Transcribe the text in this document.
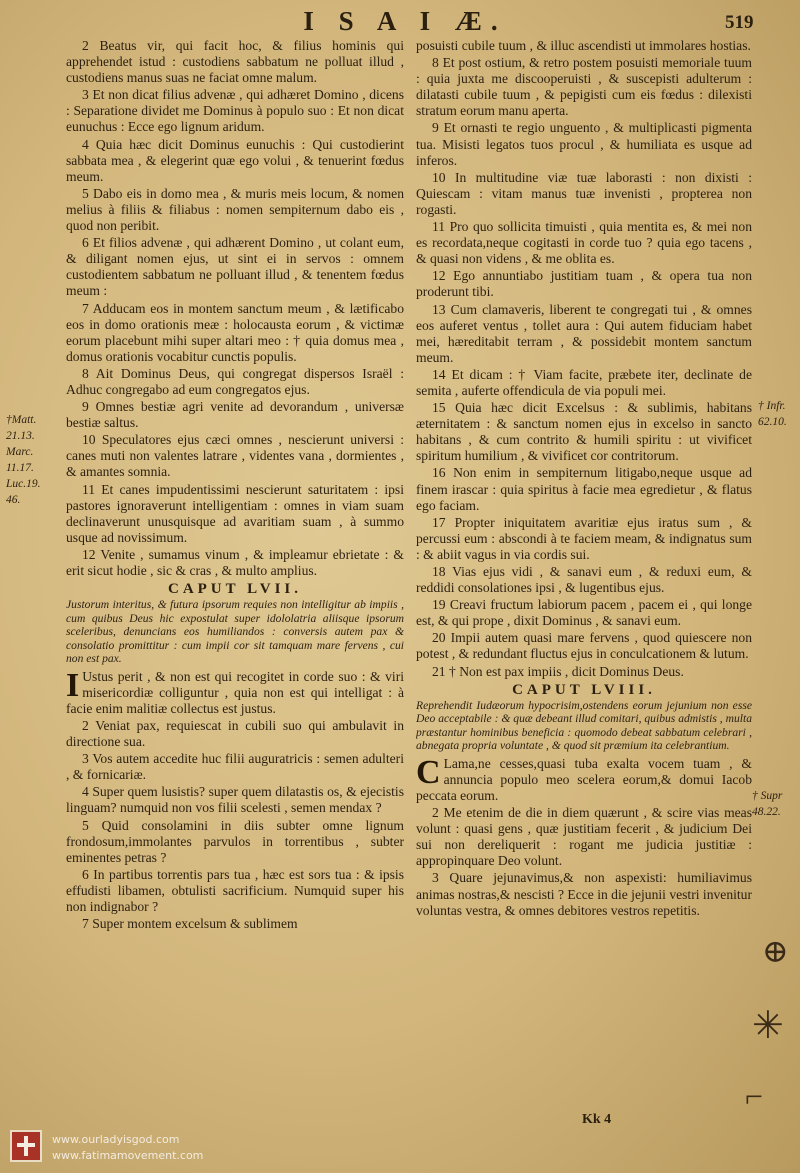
I S A I Æ.	519

2 Beatus vir, qui facit hoc, & filius hominis qui apprehendet istud : custodiens sabbatum ne polluat illud , custodiens manus suas ne faciat omne malum.

3 Et non dicat filius advenæ , qui adhæret Domino , dicens : Separatione dividet me Dominus à populo suo : Et non dicat eunuchus : Ecce ego lignum aridum.

4 Quia hæc dicit Dominus eunuchis : Qui custodierint sabbata mea , & elegerint quæ ego volui , & tenuerint fœdus meum.

5 Dabo eis in domo mea , & muris meis locum, & nomen melius à filiis & filiabus : nomen sempiternum dabo eis , quod non peribit.

6 Et filios advenæ , qui adhærent Domino , ut colant eum, & diligant nomen ejus, ut sint ei in servos : omnem custodientem sabbatum ne polluant illud , & tenentem fœdus meum :

7 Adducam eos in montem sanctum meum , & lætificabo eos in domo orationis meæ : holocausta eorum , & victimæ eorum placebunt mihi super altari meo : † quia domus mea , domus orationis vocabitur cunctis populis.

8 Ait Dominus Deus, qui congregat dispersos Israël : Adhuc congregabo ad eum congregatos ejus.

9 Omnes bestiæ agri venite ad devorandum , universæ bestiæ saltus.

10 Speculatores ejus cæci omnes , nescierunt universi : canes muti non valentes latrare , videntes vana , dormientes , & amantes somnia.

11 Et canes impudentissimi nescierunt saturitatem : ipsi pastores ignoraverunt intelligentiam : omnes in viam suam declinaverunt unusquisque ad avaritiam suam , à summo usque ad novissimum.

12 Venite , sumamus vinum , & impleamur ebrietate : & erit sicut hodie , sic & cras , & multo amplius.

CAPUT LVII.
Justorum interitus, & futura ipsorum requies non intelligitur ab impiis , cum quibus Deus hic expostulat super idololatria aliisque ipsorum sceleribus, denuncians eos humiliandos : conversis autem pax & consolatio promittitur : cum impii cor sit tamquam mare fervens , cui non est pax.

I Ustus perit , & non est qui recogitet in corde suo : & viri misericordiæ colliguntur , quia non est qui intelligat : à facie enim malitiæ collectus est justus.

2 Veniat pax, requiescat in cubili suo qui ambulavit in directione sua.

3 Vos autem accedite huc filii auguratricis : semen adulteri , & fornicariæ.

4 Super quem lusistis? super quem dilatastis os, & ejecistis linguam? numquid non vos filii scelesti , semen mendax ?

5 Quid consolamini in diis subter omne lignum frondosum,immolantes parvulos in torrentibus , subter eminentes petras ?

6 In partibus torrentis pars tua , hæc est sors tua : & ipsis effudisti libamen, obtulisti sacrificium. Numquid super his non indignabor ?

7 Super montem excelsum & sublimem

posuisti cubile tuum , & illuc ascendisti ut immolares hostias.

8 Et post ostium, & retro postem posuisti memoriale tuum : quia juxta me discooperuisti , & suscepisti adulterum : dilatasti cubile tuum , & pepigisti cum eis fœdus : dilexisti stratum eorum manu aperta.

9 Et ornasti te regio unguento , & multiplicasti pigmenta tua. Misisti legatos tuos procul , & humiliata es usque ad inferos.

10 In multitudine viæ tuæ laborasti : non dixisti : Quiescam : vitam manus tuæ invenisti , propterea non rogasti.

11 Pro quo sollicita timuisti , quia mentita es, & mei non es recordata,neque cogitasti in corde tuo ? quia ego tacens , & quasi non videns , & me oblita es.

12 Ego annuntiabo justitiam tuam , & opera tua non proderunt tibi.

13 Cum clamaveris, liberent te congregati tui , & omnes eos auferet ventus , tollet aura : Qui autem fiduciam habet mei, hæreditabit terram , & possidebit montem sanctum meum.

14 Et dicam : † Viam facite, præbete iter, declinate de semita , auferte offendicula de via populi mei.

15 Quia hæc dicit Excelsus : & sublimis, habitans æternitatem : & sanctum nomen ejus in excelso in sancto habitans , & cum contrito & humili spiritu : ut vivificet spiritum humilium , & vivificet cor contritorum.

16 Non enim in sempiternum litigabo,neque usque ad finem irascar : quia spiritus à facie mea egredietur , & flatus ego faciam.

17 Propter iniquitatem avaritiæ ejus iratus sum , & percussi eum : abscondi à te faciem meam, & indignatus sum : & abiit vagus in via cordis sui.

18 Vias ejus vidi , & sanavi eum , & reduxi eum, & reddidi consolationes ipsi , & lugentibus ejus.

19 Creavi fructum labiorum pacem , pacem ei , qui longe est, & qui prope , dixit Dominus , & sanavi eum.

20 Impii autem quasi mare fervens , quod quiescere non potest , & redundant fluctus ejus in conculcationem & lutum.

21 † Non est pax impiis , dicit Dominus Deus.

CAPUT LVIII.
Reprehendit Iudæorum hypocrisim,ostendens eorum jejunium non esse Deo acceptabile : & quæ debeant illud comitari, quibus admistis , multa præstantur hominibus beneficia : quomodo debeat sabbatum celebrari , abnegata propria voluntate , & quod sit præmium ita celebrantium.

C Lama,ne cesses,quasi tuba exalta vocem tuam , & annuncia populo meo scelera eorum,& domui Iacob peccata eorum.

2 Me etenim de die in diem quærunt , & scire vias meas volunt : quasi gens , quæ justitiam fecerit , & judicium Dei sui non dereliquerit : rogant me judicia justitiæ : appropinquare Deo volunt.

3 Quare jejunavimus,& non aspexisti: humiliavimus animas nostras,& nescisti ? Ecce in die jejunii vestri invenitur voluntas vestra, & omnes debitores vestros repetitis.

†Matt.
21.13.
Marc.
11.17.
Luc.19.
46.
† Infr.
62.10.
† Supr
48.22.
⊕
✳
⌐
Kk 4
www.ourladyisgod.com
www.fatimamovement.com
